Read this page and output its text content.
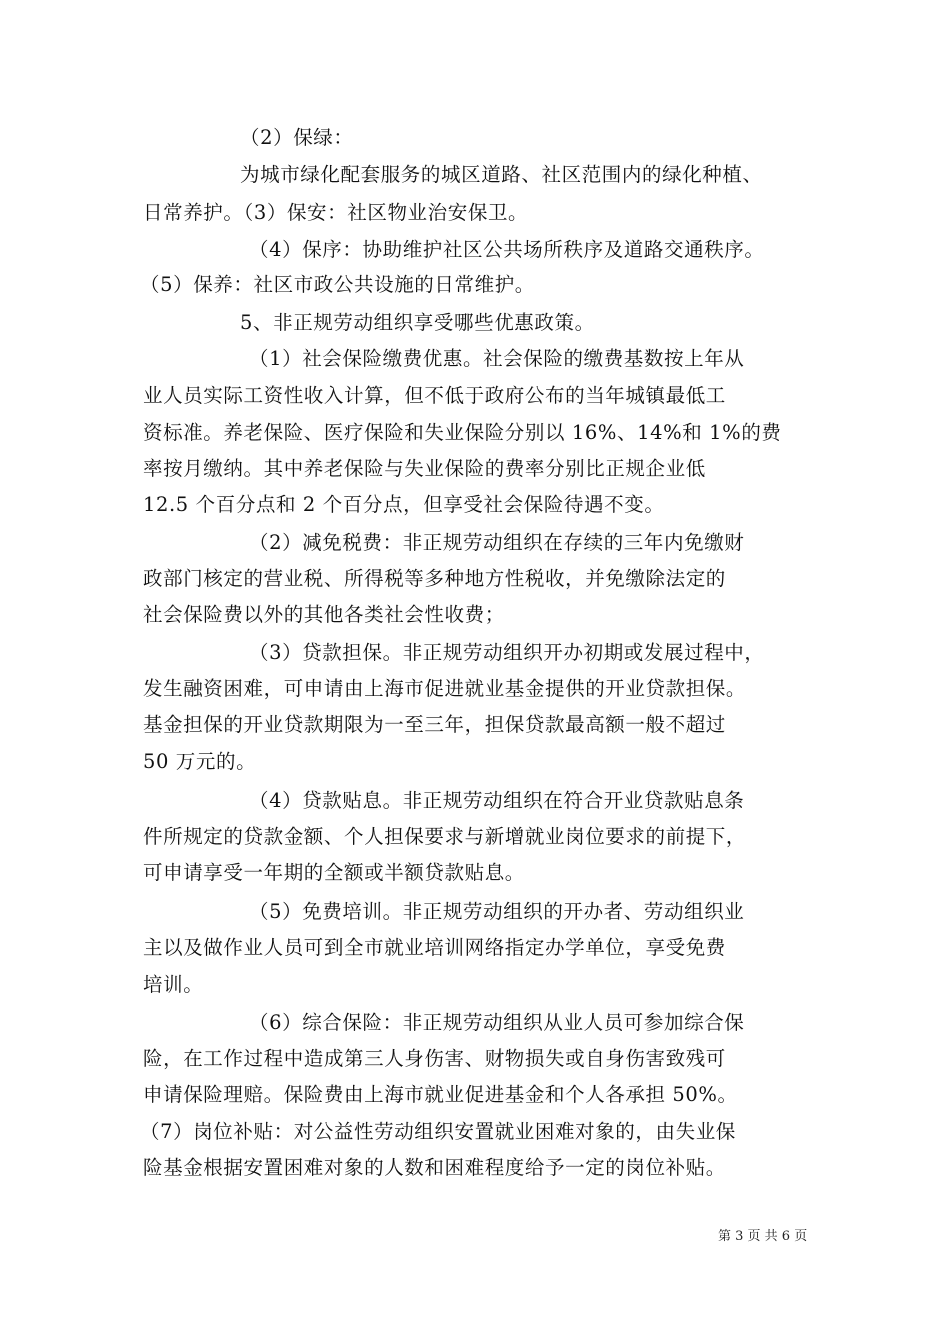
（2）保绿：
为城市绿化配套服务的城区道路、社区范围内的绿化种植、
日常养护。（3）保安：社区物业治安保卫。
（4）保序：协助维护社区公共场所秩序及道路交通秩序。
（5）保养：社区市政公共设施的日常维护。
5、非正规劳动组织享受哪些优惠政策。
（1）社会保险缴费优惠。社会保险的缴费基数按上年从
业人员实际工资性收入计算，但不低于政府公布的当年城镇最低工
资标准。养老保险、医疗保险和失业保险分别以 16%、14%和 1%的费
率按月缴纳。其中养老保险与失业保险的费率分别比正规企业低
12.5 个百分点和 2 个百分点，但享受社会保险待遇不变。
（2）减免税费：非正规劳动组织在存续的三年内免缴财
政部门核定的营业税、所得税等多种地方性税收，并免缴除法定的
社会保险费以外的其他各类社会性收费；
（3）贷款担保。非正规劳动组织开办初期或发展过程中，
发生融资困难，可申请由上海市促进就业基金提供的开业贷款担保。
基金担保的开业贷款期限为一至三年，担保贷款最高额一般不超过
50 万元的。
（4）贷款贴息。非正规劳动组织在符合开业贷款贴息条
件所规定的贷款金额、个人担保要求与新增就业岗位要求的前提下，
可申请享受一年期的全额或半额贷款贴息。
（5）免费培训。非正规劳动组织的开办者、劳动组织业
主以及做作业人员可到全市就业培训网络指定办学单位，享受免费
培训。
（6）综合保险：非正规劳动组织从业人员可参加综合保
险，在工作过程中造成第三人身伤害、财物损失或自身伤害致残可
申请保险理赔。保险费由上海市就业促进基金和个人各承担 50%。
（7）岗位补贴：对公益性劳动组织安置就业困难对象的，由失业保
险基金根据安置困难对象的人数和困难程度给予一定的岗位补贴。
第 3 页 共 6 页
